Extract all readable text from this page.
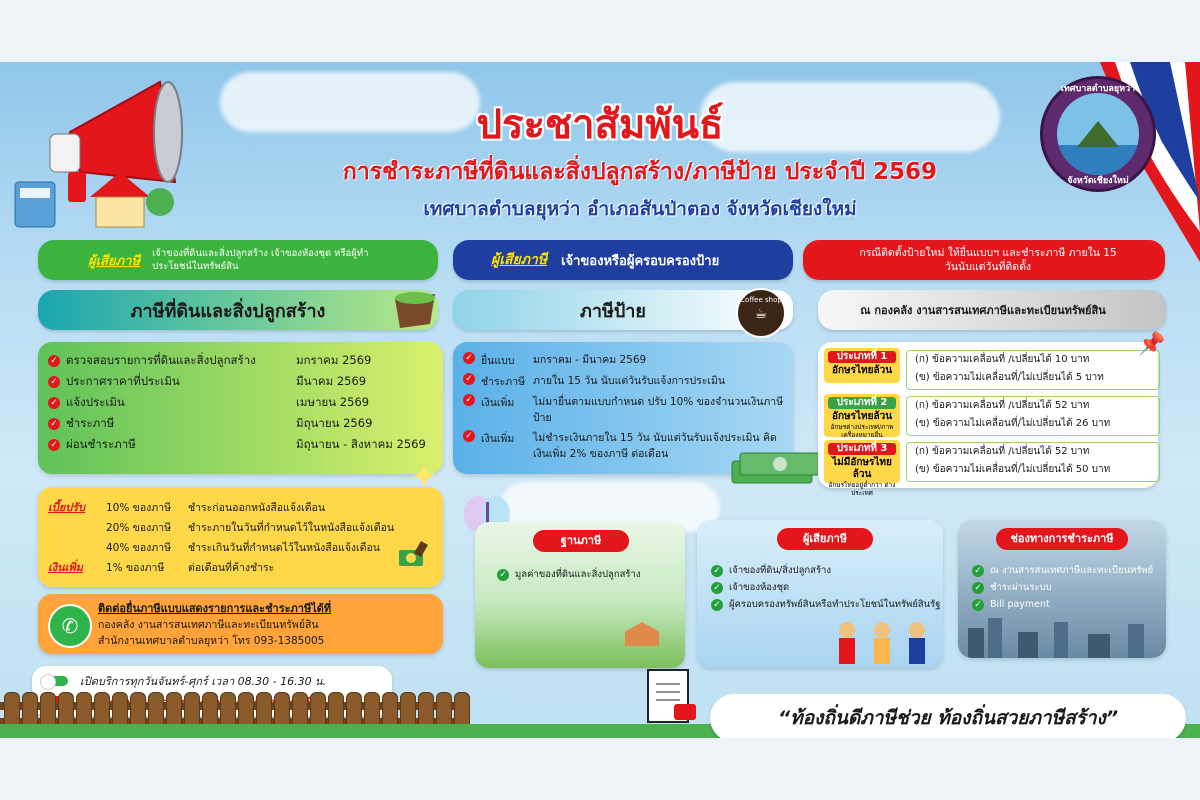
เทศบาลตำบลยุหว่า
จังหวัดเชียงใหม่
ประชาสัมพันธ์
การชำระภาษีที่ดินและสิ่งปลูกสร้าง/ภาษีป้าย ประจำปี 2569
เทศบาลตำบลยุหว่า อำเภอสันป่าตอง จังหวัดเชียงใหม่
ผู้เสียภาษี เจ้าของที่ดินและสิ่งปลูกสร้าง เจ้าของห้องชุด หรือผู้ทำประโยชน์ในทรัพย์สิน
ภาษีที่ดินและสิ่งปลูกสร้าง
✓ ตรวจสอบรายการที่ดินและสิ่งปลูกสร้าง	มกราคม 2569
✓ ประกาศราคาที่ประเมิน	มีนาคม 2569
✓ แจ้งประเมิน	เมษายน 2569
✓ ชำระภาษี	มิถุนายน 2569
✓ ผ่อนชำระภาษี	มิถุนายน - สิงหาคม 2569
เบี้ยปรับ	10% ของภาษี	ชำระก่อนออกหนังสือแจ้งเตือน
20% ของภาษี	ชำระภายในวันที่กำหนดไว้ในหนังสือแจ้งเตือน
40% ของภาษี	ชำระเกินวันที่กำหนดไว้ในหนังสือแจ้งเตือน
เงินเพิ่ม	1% ของภาษี	ต่อเดือนที่ค้างชำระ
✆
ติดต่อยื่นภาษีแบบแสดงรายการและชำระภาษีได้ที่
กองคลัง งานสารสนเทศภาษีและทะเบียนทรัพย์สิน
สำนักงานเทศบาลตำบลยุหว่า โทร 093-1385005
เปิดบริการทุกวันจันทร์-ศุกร์ เวลา 08.30 - 16.30 น.
ผู้เสียภาษี เจ้าของหรือผู้ครอบครองป้าย
ภาษีป้าย
Coffee shop
☕
✓ ยื่นแบบ มกราคม - มีนาคม 2569
✓ ชำระภาษี ภายใน 15 วัน นับแต่วันรับแจ้งการประเมิน
✓ เงินเพิ่ม ไม่มายื่นตามแบบกำหนด ปรับ 10% ของจำนวนเงินภาษีป้าย
✓ เงินเพิ่ม ไม่ชำระเงินภายใน 15 วัน นับแต่วันรับแจ้งประเมิน คิดเงินเพิ่ม 2% ของภาษี ต่อเดือน
✦
ฐานภาษี
✓ มูลค่าของที่ดินและสิ่งปลูกสร้าง
ผู้เสียภาษี
✓ เจ้าของที่ดิน/สิ่งปลูกสร้าง
✓ เจ้าของห้องชุด
✓ ผู้ครอบครองทรัพย์สินหรือทำประโยชน์ในทรัพย์สินรัฐ
ช่องทางการชำระภาษี
✓ ณ งานสารสนเทศภาษีและทะเบียนทรัพย์
✓ ชำระผ่านระบบ
✓ Bill payment
กรณีติดตั้งป้ายใหม่ ให้ยื่นแบบฯ และชำระภาษี ภายใน 15 วันนับแต่วันที่ติดตั้ง
ณ กองคลัง งานสารสนเทศภาษีและทะเบียนทรัพย์สิน
ประเภทที่ 1
อักษรไทยล้วน
(ก) ข้อความเคลื่อนที่ /เปลี่ยนได้ 10 บาท
(ข) ข้อความไม่เคลื่อนที่/ไม่เปลี่ยนได้ 5 บาท
ประเภทที่ 2
อักษรไทยล้วน
อักษรต่างประเทศ/ภาพ เครื่องหมายอื่น
(ก) ข้อความเคลื่อนที่ /เปลี่ยนได้ 52 บาท
(ข) ข้อความไม่เคลื่อนที่/ไม่เปลี่ยนได้ 26 บาท
ประเภทที่ 3
ไม่มีอักษรไทยล้วน
อักษรไทยอยู่ต่ำกว่า ต่างประเทศ
(ก) ข้อความเคลื่อนที่ /เปลี่ยนได้ 52 บาท
(ข) ข้อความไม่เคลื่อนที่/ไม่เปลี่ยนได้ 50 บาท
📌
“ท้องถิ่นดีภาษีช่วย ท้องถิ่นสวยภาษีสร้าง”
